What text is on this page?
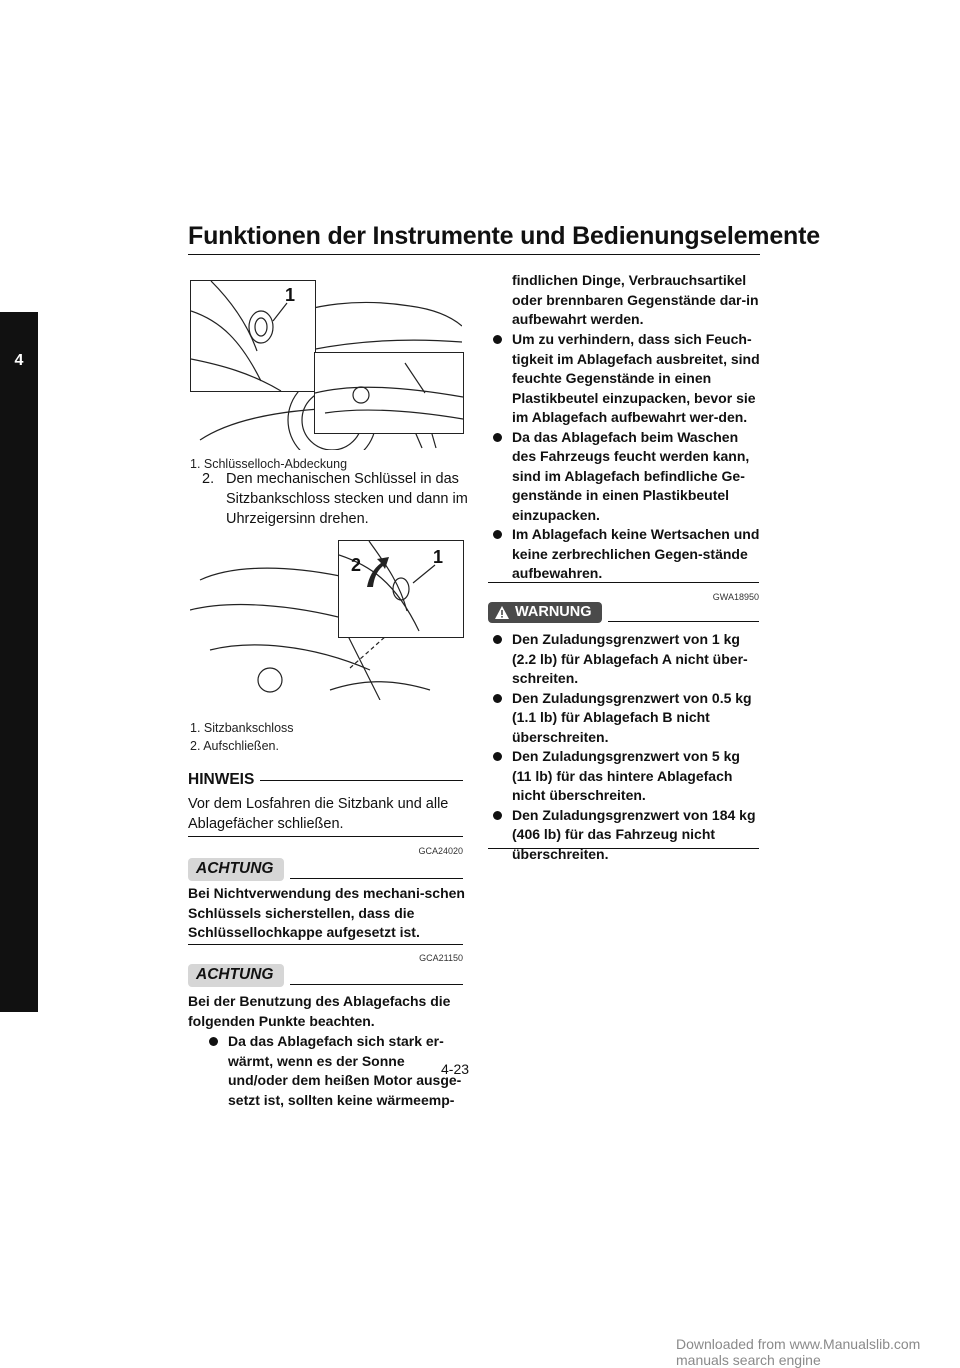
Funktionen der Instrumente und Bedienungselemente
4
1
1. Schlüsselloch-Abdeckung
2. Den mechanischen Schlüssel in das Sitzbankschloss stecken und dann im Uhrzeigersinn drehen.
2	1
1. Sitzbankschloss
2. Aufschließen.
HINWEIS
Vor dem Losfahren die Sitzbank und alle Ablagefächer schließen.
GCA24020
ACHTUNG
Bei Nichtverwendung des mechani-schen Schlüssels sicherstellen, dass die Schlüssellochkappe aufgesetzt ist.
GCA21150
ACHTUNG
Bei der Benutzung des Ablagefachs die folgenden Punkte beachten.
Da das Ablagefach sich stark er-wärmt, wenn es der Sonne und/oder dem heißen Motor ausge-setzt ist, sollten keine wärmeemp-
findlichen Dinge, Verbrauchsartikel oder brennbaren Gegenstände dar-in aufbewahrt werden.
Um zu verhindern, dass sich Feuch-tigkeit im Ablagefach ausbreitet, sind feuchte Gegenstände in einen Plastikbeutel einzupacken, bevor sie im Ablagefach aufbewahrt wer-den.
Da das Ablagefach beim Waschen des Fahrzeugs feucht werden kann, sind im Ablagefach befindliche Ge-genstände in einen Plastikbeutel einzupacken.
Im Ablagefach keine Wertsachen und keine zerbrechlichen Gegen-stände aufbewahren.
GWA18950
WARNUNG
Den Zuladungsgrenzwert von 1 kg (2.2 lb) für Ablagefach A nicht über-schreiten.
Den Zuladungsgrenzwert von 0.5 kg (1.1 lb) für Ablagefach B nicht überschreiten.
Den Zuladungsgrenzwert von 5 kg (11 lb) für das hintere Ablagefach nicht überschreiten.
Den Zuladungsgrenzwert von 184 kg (406 lb) für das Fahrzeug nicht überschreiten.
4-23
Downloaded from www.Manualslib.com manuals search engine
